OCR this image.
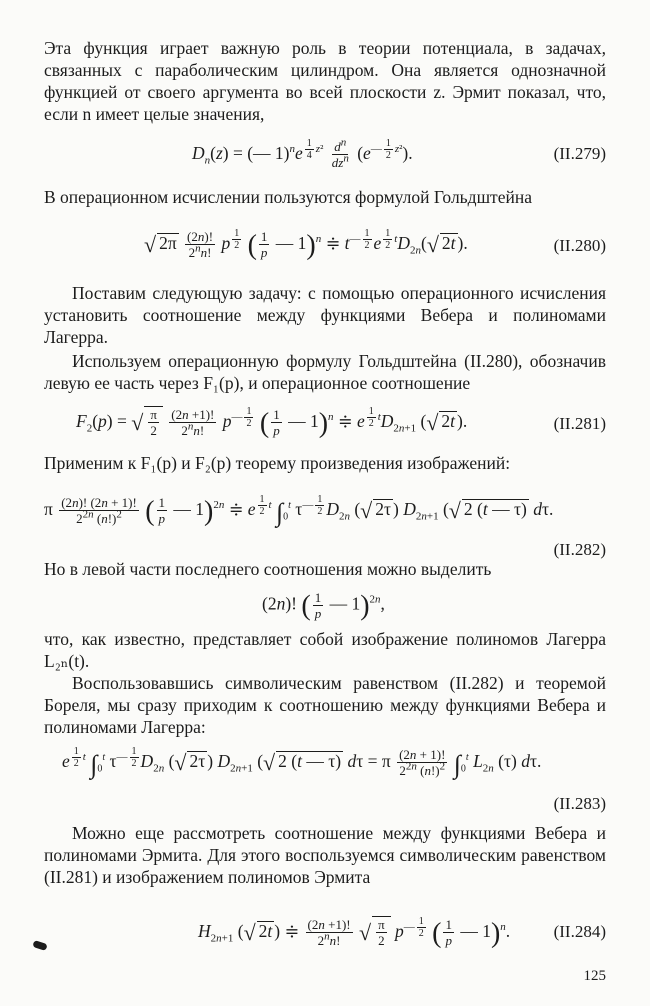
Эта функция играет важную роль в теории потенциала, в задачах, связанных с параболическим цилиндром. Она является однозначной функцией от своего аргумента во всей плоскости z. Эрмит показал, что, если n имеет целые значения,
$D_n(z)$ = (— 1)$^n$e $^{\frac{1}{4} z^2} \frac{d^n}{dz^n} (e^{— \frac{1}{2} z^2})$.	(II.279)
В операционном исчислении пользуются формулой Гольдштейна
√ $2\pi \frac{(2n)!}{2^nn!}$ p $^{\frac{1}{2}}$ ( $\frac{1}{p}$ — 1)$^n$ ≑ $t^{— \frac{1}{2}}$ e $^{\frac{1}{2} t}D_{2n}(√$ 2t ).	(II.280)
Поставим следующую задачу: с помощью операционного исчисления установить соотношение между функциями Вебера и полиномами Лагерра.
Используем операционную формулу Гольдштейна (II.280), обозначив левую ее часть через F₁(p), и операционное соотношение
$F_2(p)$ = √ $\frac{\pi}{2}$
$\frac{(2n +1)!}{2^nn!} p^{— \frac{1}{2}}$ ( $\frac{1}{p}$ — 1)$^n$ ≑ e $^{\frac{1}{2} t}D_{2n+1}$ (√ 2t ).	(II.281)
Применим к F₁(p) и F₂(p) теорему произведения изображений:
π $\frac{(2n)! (2n + 1)!}{2^{2n} (n!)^2}$ ( $\frac{1}{p}$ — 1)$^{2n}$ ≑ e $^{\frac{1}{2} t}$ $\int_0^t$ $\tau^{— \frac{1}{2}}$ $D_{2n}$ (√ 2τ ) $D_{2n+1}$ (√ 2 (t — τ) dτ.
(II.282)
Но в левой части последнего соотношения можно выделить
(2n)! ( $\frac{1}{p}$ — 1)$^{2n}$,
что, как известно, представляет собой изображение полиномов Лагерра L₂ₙ(t).
Воспользовавшись символическим равенством (II.282) и теоремой Бореля, мы сразу приходим к соотношению между функциями Вебера и полиномами Лагерра:
e $^{\frac{1}{2} t}$ $\int_0^t$ $\tau^{— \frac{1}{2}}$ $D_{2n}$ (√ 2τ ) $D_{2n+1}$ (√ 2 (t — τ) dτ = π $\frac{(2n + 1)!}{2^{2n} (n!)^2} \int_0^t$ $L_{2n}$ (τ) dτ.
(II.283)
Можно еще рассмотреть соотношение между функциями Вебера и полиномами Эрмита. Для этого воспользуемся символическим равенством (II.281) и изображением полиномов Эрмита
$H_{2n+1}$ (√ 2t ) ≑ $\frac{(2n +1)!}{2^nn!}$ √ $\frac{\pi}{2} p^{— \frac{1}{2}}$ ( $\frac{1}{p}$ — 1)$^n$.	(II.284)
125
